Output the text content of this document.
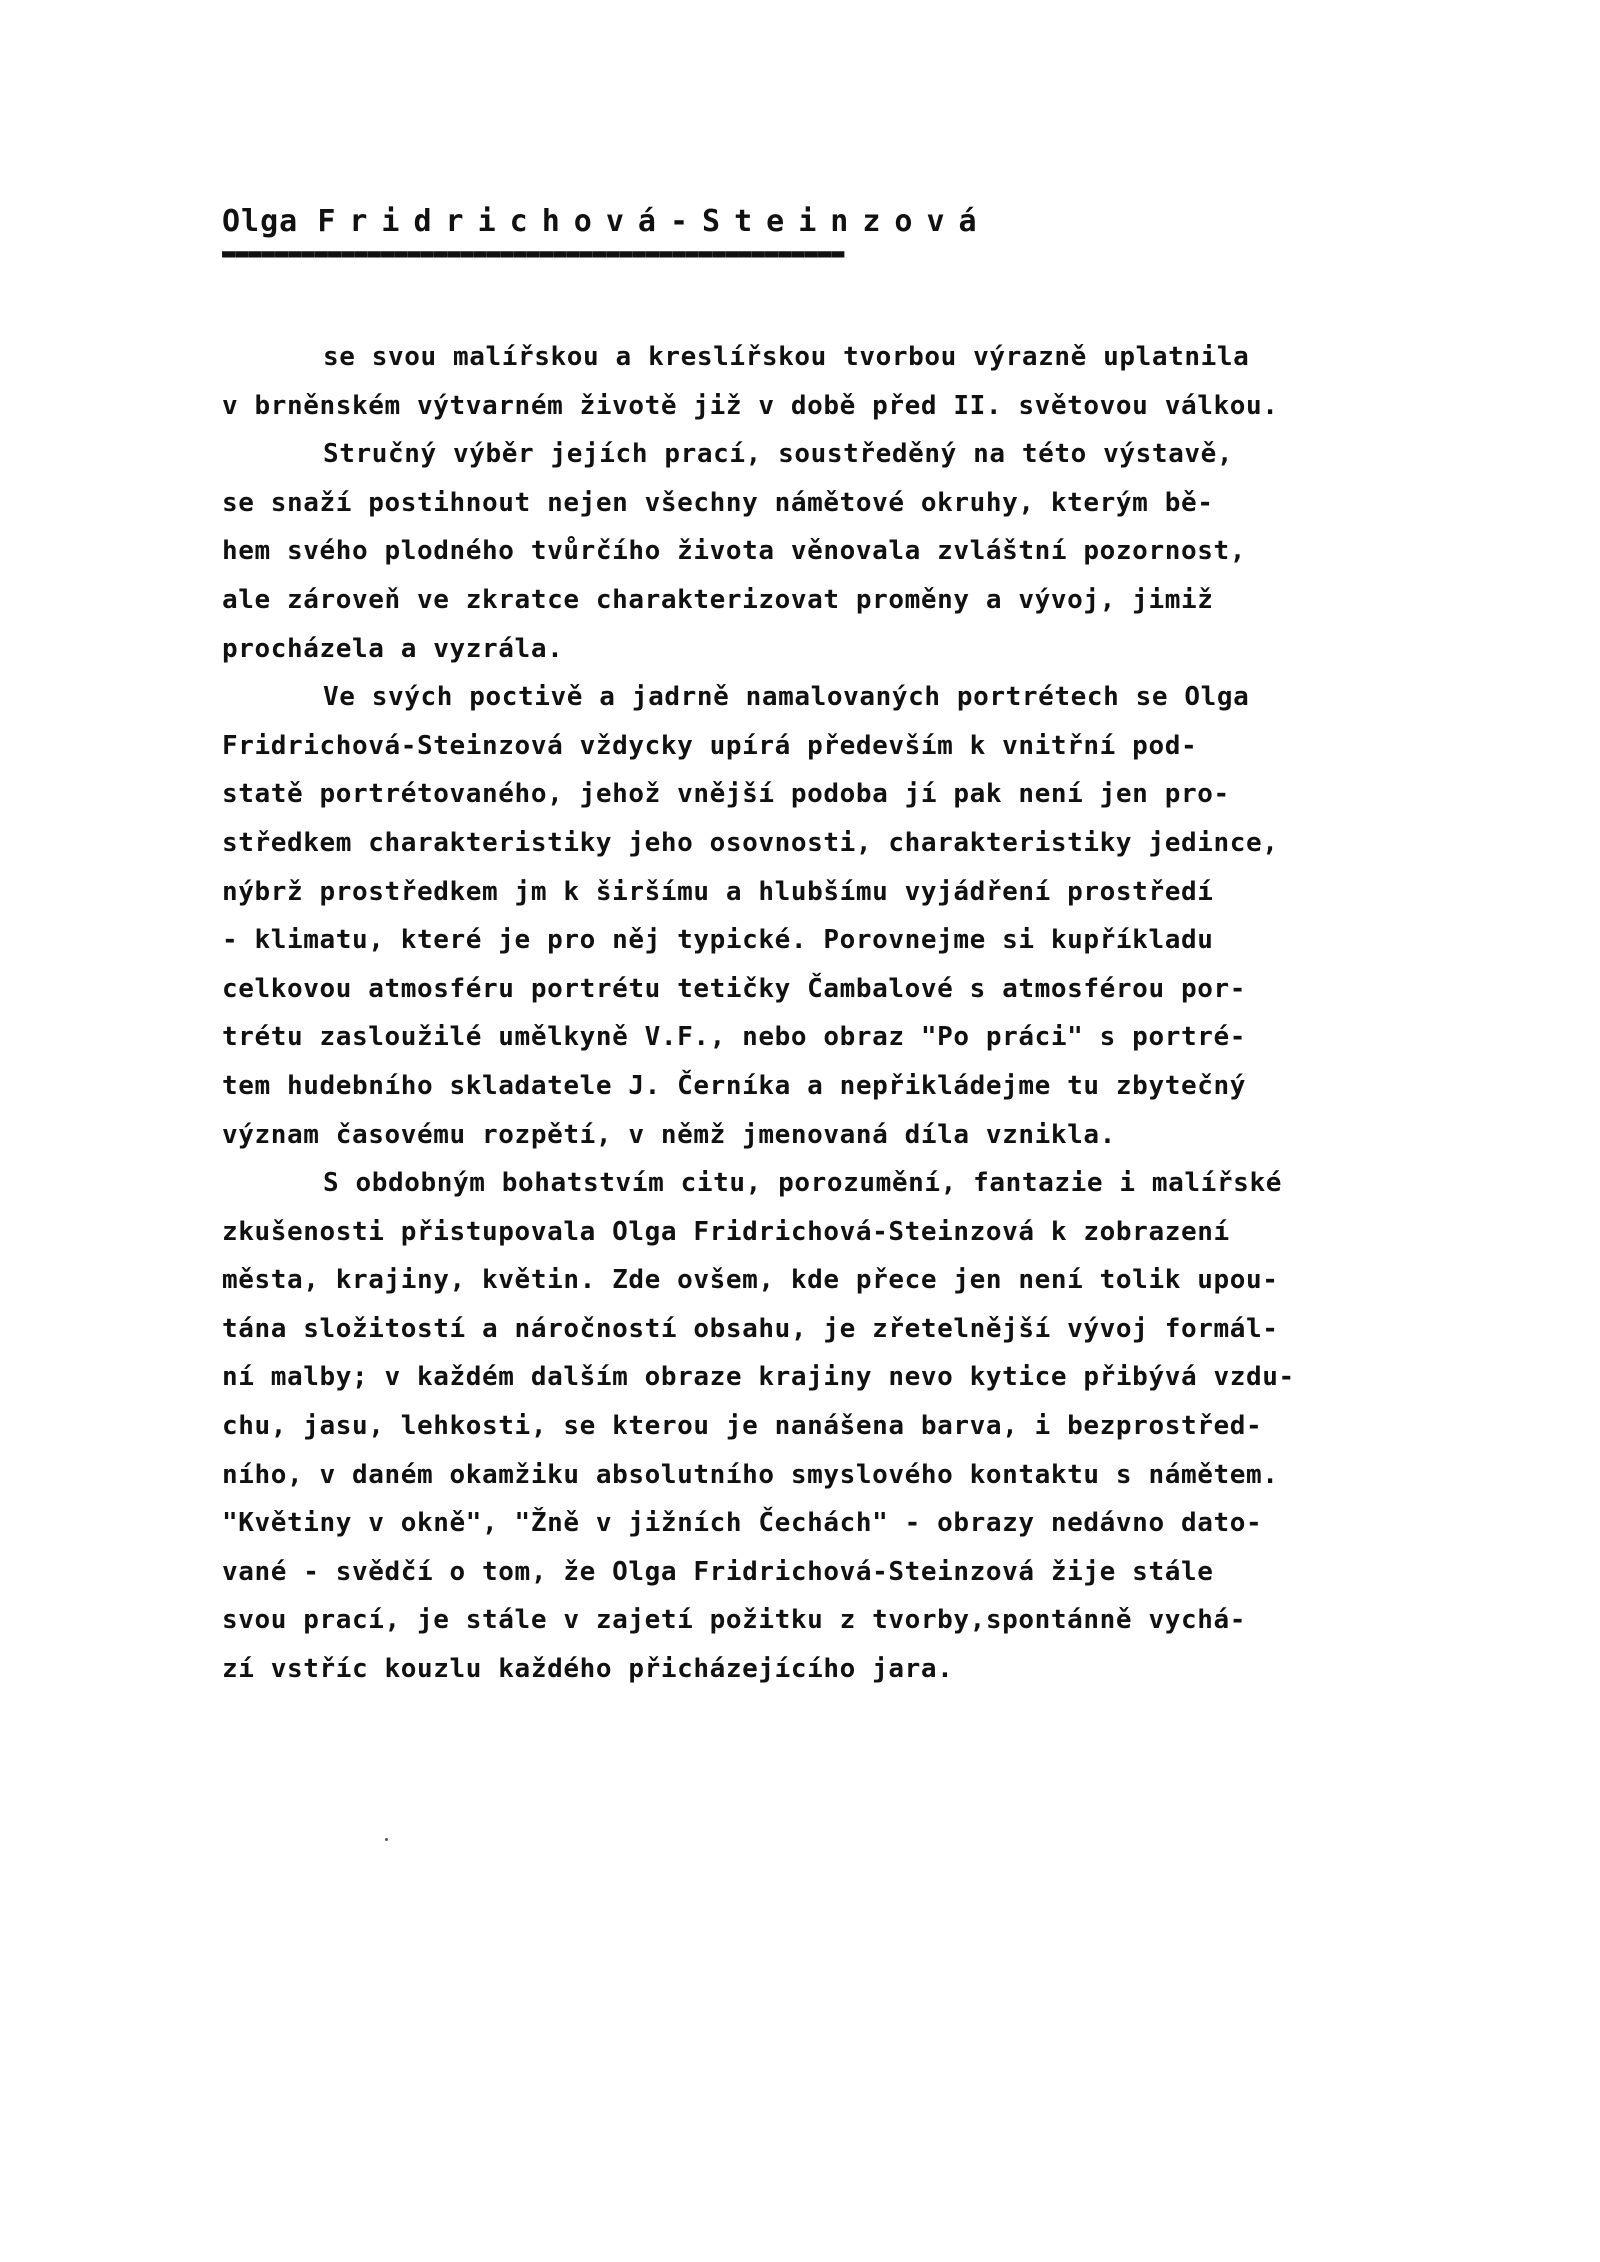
Olga Fridrichová-Steinzová

▬▬▬▬▬▬▬▬▬▬▬▬▬▬▬▬▬▬▬▬▬▬▬▬▬▬▬▬▬▬▬▬▬▬▬▬▬▬▬▬▬▬▬▬▬▬▬

se svou malířskou a kreslířskou tvorbou výrazně uplatnila
v brněnském výtvarném životě již v době před II. světovou válkou.
Stručný výběr jejích prací, soustředěný na této výstavě,
se snaží postihnout nejen všechny námětové okruhy, kterým bě-
hem svého plodného tvůrčího života věnovala zvláštní pozornost,
ale zároveň ve zkratce charakterizovat proměny a vývoj, jimiž
procházela a vyzrála.
Ve svých poctivě a jadrně namalovaných portrétech se Olga
Fridrichová-Steinzová vždycky upírá především k vnitřní pod-
statě portrétovaného, jehož vnější podoba jí pak není jen pro-
středkem charakteristiky jeho osovnosti, charakteristiky jedince,
nýbrž prostředkem jm k širšímu a hlubšímu vyjádření prostředí
- klimatu, které je pro něj typické. Porovnejme si kupříkladu
celkovou atmosféru portrétu tetičky Čambalové s atmosférou por-
trétu zasloužilé umělkyně V.F., nebo obraz "Po práci" s portré-
tem hudebního skladatele J. Černíka a nepřikládejme tu zbytečný
význam časovému rozpětí, v němž jmenovaná díla vznikla.
S obdobným bohatstvím citu, porozumění, fantazie i malířské
zkušenosti přistupovala Olga Fridrichová-Steinzová k zobrazení
města, krajiny, květin. Zde ovšem, kde přece jen není tolik upou-
tána složitostí a náročností obsahu, je zřetelnější vývoj formál-
ní malby; v každém dalším obraze krajiny nevo kytice přibývá vzdu-
chu, jasu, lehkosti, se kterou je nanášena barva, i bezprostřed-
ního, v daném okamžiku absolutního smyslového kontaktu s námětem.
"Květiny v okně", "Žně v jižních Čechách" - obrazy nedávno dato-
vané - svědčí o tom, že Olga Fridrichová-Steinzová žije stále
svou prací, je stále v zajetí požitku z tvorby,spontánně vychá-
zí vstříc kouzlu každého přicházejícího jara.
